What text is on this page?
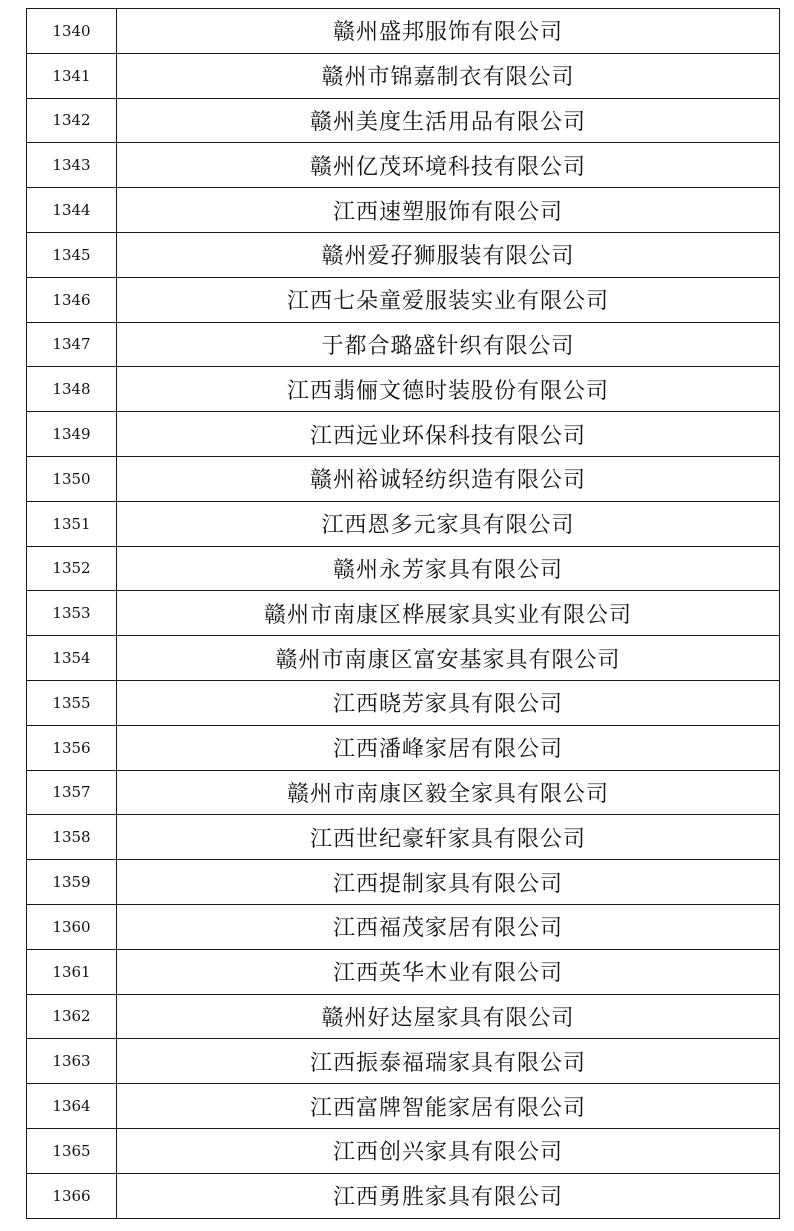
1340	赣州盛邦服饰有限公司
1341	赣州市锦嘉制衣有限公司
1342	赣州美度生活用品有限公司
1343	赣州亿茂环境科技有限公司
1344	江西速塑服饰有限公司
1345	赣州爱孖狮服装有限公司
1346	江西七朵童爱服装实业有限公司
1347	于都合璐盛针织有限公司
1348	江西翡俪文德时装股份有限公司
1349	江西远业环保科技有限公司
1350	赣州裕诚轻纺织造有限公司
1351	江西恩多元家具有限公司
1352	赣州永芳家具有限公司
1353	赣州市南康区桦展家具实业有限公司
1354	赣州市南康区富安基家具有限公司
1355	江西晓芳家具有限公司
1356	江西潘峰家居有限公司
1357	赣州市南康区毅全家具有限公司
1358	江西世纪豪轩家具有限公司
1359	江西提制家具有限公司
1360	江西福茂家居有限公司
1361	江西英华木业有限公司
1362	赣州好达屋家具有限公司
1363	江西振泰福瑞家具有限公司
1364	江西富牌智能家居有限公司
1365	江西创兴家具有限公司
1366	江西勇胜家具有限公司
